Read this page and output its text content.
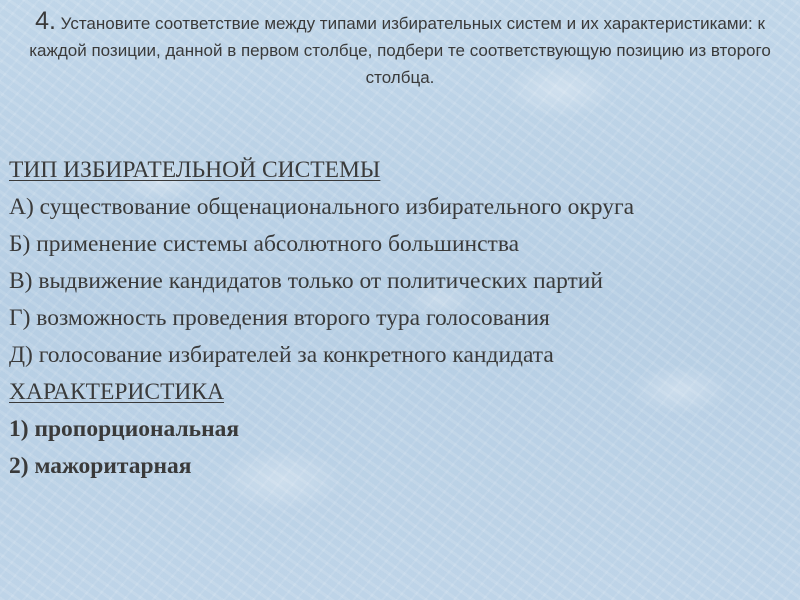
4. Установите соответствие между типами избирательных систем и их характеристиками: к каждой позиции, данной в первом столбце, подбери те соответствующую позицию из второго столбца.
ТИП ИЗБИРАТЕЛЬНОЙ СИСТЕМЫ
А) существование общенационального избирательного округа
Б) применение системы абсолютного большинства
В) выдвижение кандидатов только от политических партий
Г) возможность проведения второго тура голосования
Д) голосование избирателей за конкретного кандидата
ХАРАКТЕРИСТИКА
1) пропорциональная
2) мажоритарная
